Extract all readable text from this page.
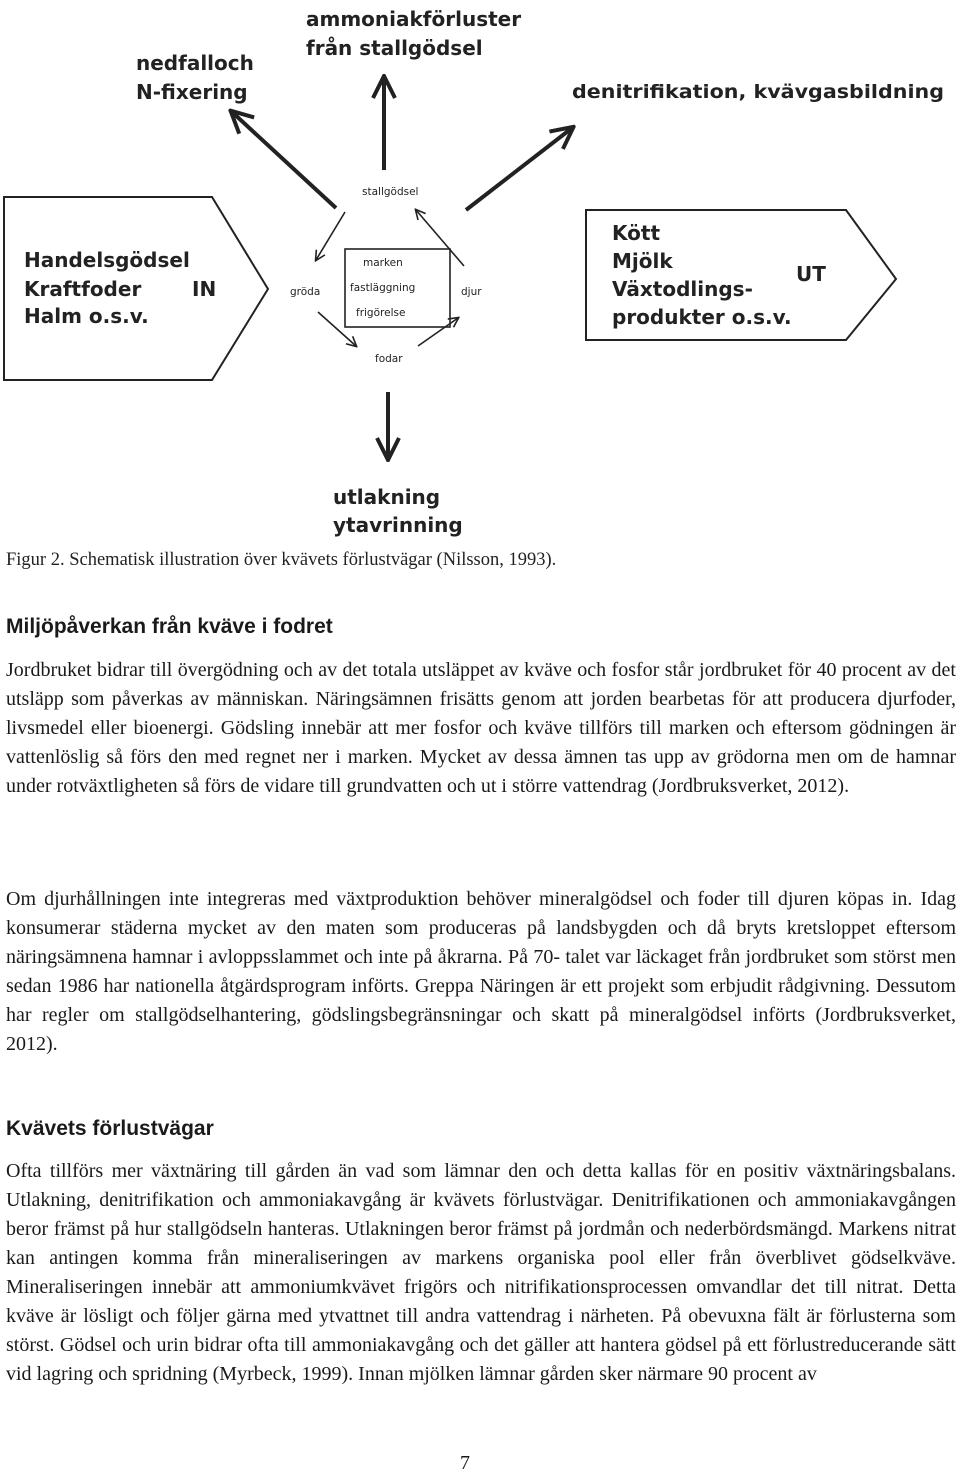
ammoniakförluster
från stallgödsel
nedfalloch
N-fixering	denitrifikation, kvävgasbildning
Handelsgödsel
Kraftfoder
Halm o.s.v.
IN
Kött
Mjölk
Växtodlings-
produkter o.s.v.
UT
marken
fastläggning
frigörelse
stallgödsel
gröda	djur
fodar
utlakning
ytavrinning
Figur 2. Schematisk illustration över kvävets förlustvägar (Nilsson, 1993).
Miljöpåverkan från kväve i fodret

Jordbruket bidrar till övergödning och av det totala utsläppet av kväve och fosfor står jordbruket för 40 procent av det utsläpp som påverkas av människan. Näringsämnen frisätts genom att jorden bearbetas för att producera djurfoder, livsmedel eller bioenergi. Gödsling innebär att mer fosfor och kväve tillförs till marken och eftersom gödningen är vattenlöslig så förs den med regnet ner i marken. Mycket av dessa ämnen tas upp av grödorna men om de hamnar under rotväxtligheten så förs de vidare till grundvatten och ut i större vattendrag (Jordbruksverket, 2012).

Om djurhållningen inte integreras med växtproduktion behöver mineralgödsel och foder till djuren köpas in. Idag konsumerar städerna mycket av den maten som produceras på landsbygden och då bryts kretsloppet eftersom näringsämnena hamnar i avloppsslammet och inte på åkrarna. På 70- talet var läckaget från jordbruket som störst men sedan 1986 har nationella åtgärdsprogram införts. Greppa Näringen är ett projekt som erbjudit rådgivning. Dessutom har regler om stallgödselhantering, gödslingsbegränsningar och skatt på mineralgödsel införts (Jordbruksverket, 2012).

Kvävets förlustvägar

Ofta tillförs mer växtnäring till gården än vad som lämnar den och detta kallas för en positiv växtnäringsbalans. Utlakning, denitrifikation och ammoniakavgång är kvävets förlustvägar. Denitrifikationen och ammoniakavgången beror främst på hur stallgödseln hanteras. Utlakningen beror främst på jordmån och nederbördsmängd. Markens nitrat kan antingen komma från mineraliseringen av markens organiska pool eller från överblivet gödselkväve. Mineraliseringen innebär att ammoniumkvävet frigörs och nitrifikationsprocessen omvandlar det till nitrat. Detta kväve är lösligt och följer gärna med ytvattnet till andra vattendrag i närheten. På obevuxna fält är förlusterna som störst. Gödsel och urin bidrar ofta till ammoniakavgång och det gäller att hantera gödsel på ett förlustreducerande sätt vid lagring och spridning (Myrbeck, 1999). Innan mjölken lämnar gården sker närmare 90 procent av

7
